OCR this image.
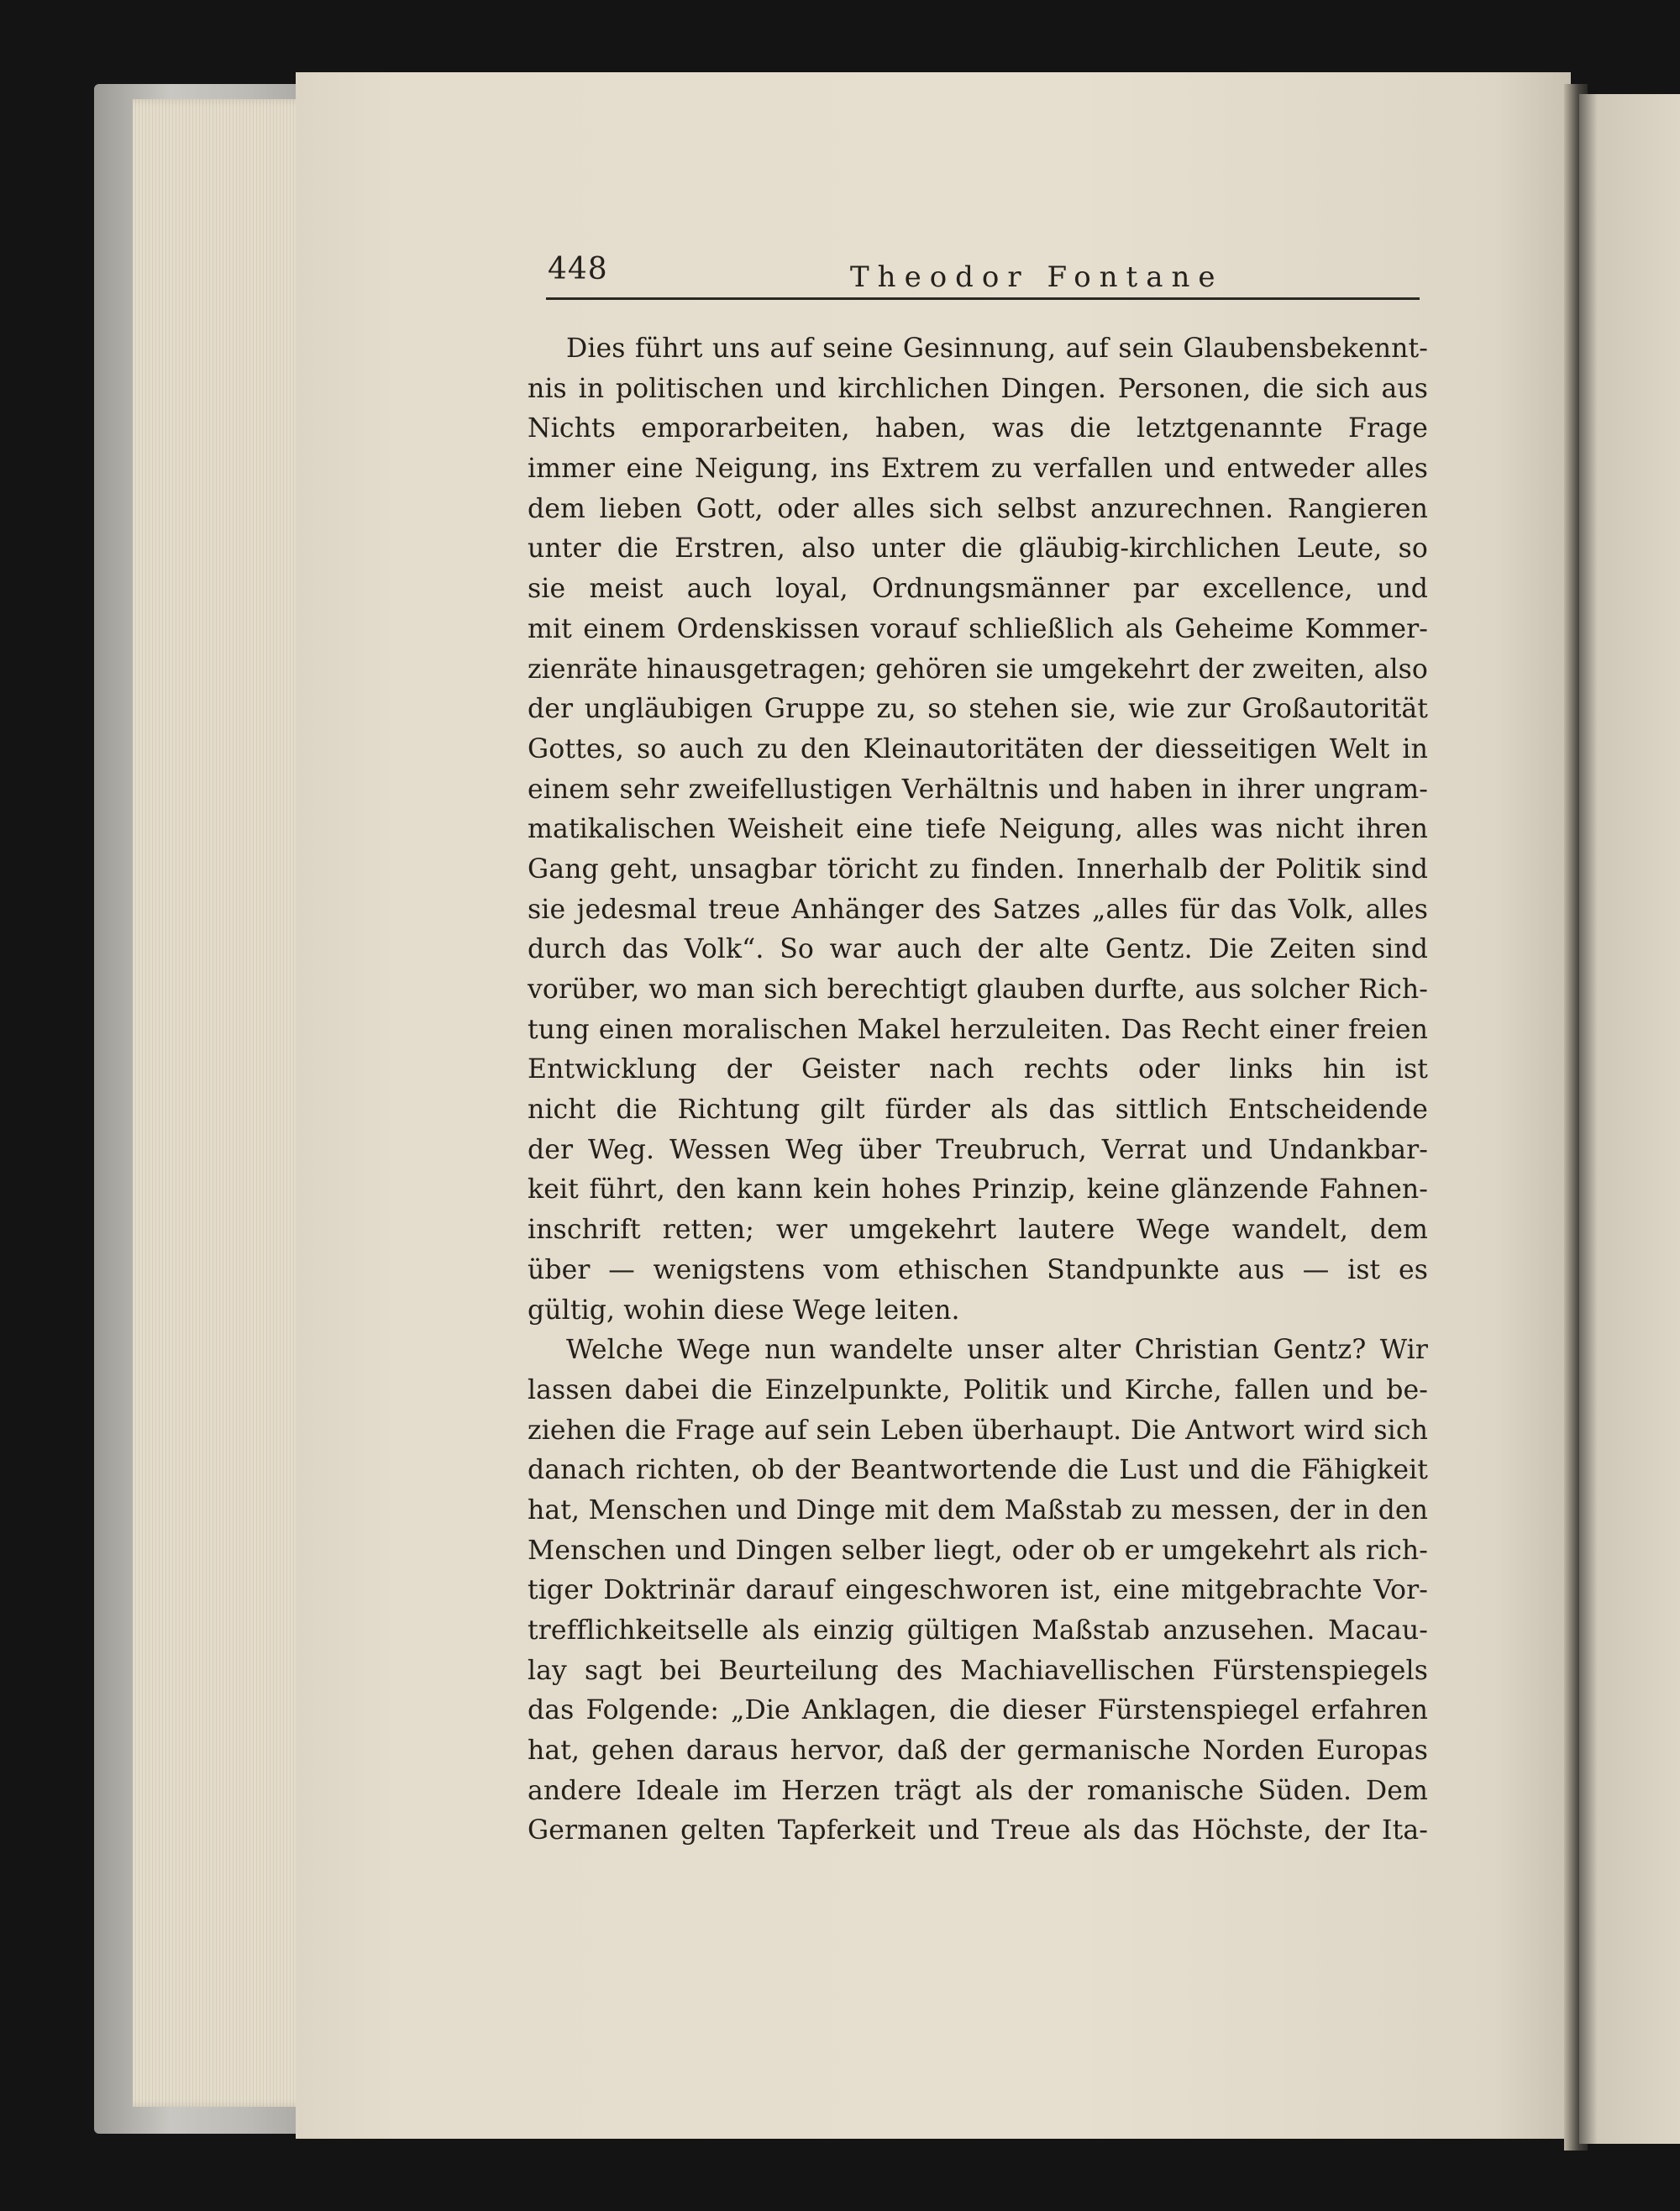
448	Theodor Fontane
Dies führt uns auf seine Gesinnung, auf sein Glaubensbekennt-
nis in politischen und kirchlichen Dingen. Personen, die sich aus
Nichts emporarbeiten, haben, was die letztgenannte Frage
immer eine Neigung, ins Extrem zu verfallen und entweder alles
dem lieben Gott, oder alles sich selbst anzurechnen. Rangieren
unter die Erstren, also unter die gläubig-kirchlichen Leute, so
sie meist auch loyal, Ordnungsmänner par excellence, und
mit einem Ordenskissen vorauf schließlich als Geheime Kommer-
zienräte hinausgetragen; gehören sie umgekehrt der zweiten, also
der ungläubigen Gruppe zu, so stehen sie, wie zur Großautorität
Gottes, so auch zu den Kleinautoritäten der diesseitigen Welt in
einem sehr zweifellustigen Verhältnis und haben in ihrer ungram-
matikalischen Weisheit eine tiefe Neigung, alles was nicht ihren
Gang geht, unsagbar töricht zu finden. Innerhalb der Politik sind
sie jedesmal treue Anhänger des Satzes „alles für das Volk, alles
durch das Volk“. So war auch der alte Gentz. Die Zeiten sind
vorüber, wo man sich berechtigt glauben durfte, aus solcher Rich-
tung einen moralischen Makel herzuleiten. Das Recht einer freien
Entwicklung der Geister nach rechts oder links hin ist
nicht die Richtung gilt fürder als das sittlich Entscheidende
der Weg. Wessen Weg über Treubruch, Verrat und Undankbar-
keit führt, den kann kein hohes Prinzip, keine glänzende Fahnen-
inschrift retten; wer umgekehrt lautere Wege wandelt, dem
über — wenigstens vom ethischen Standpunkte aus — ist es
gültig, wohin diese Wege leiten.
Welche Wege nun wandelte unser alter Christian Gentz? Wir
lassen dabei die Einzelpunkte, Politik und Kirche, fallen und be-
ziehen die Frage auf sein Leben überhaupt. Die Antwort wird sich
danach richten, ob der Beantwortende die Lust und die Fähigkeit
hat, Menschen und Dinge mit dem Maßstab zu messen, der in den
Menschen und Dingen selber liegt, oder ob er umgekehrt als rich-
tiger Doktrinär darauf eingeschworen ist, eine mitgebrachte Vor-
trefflichkeitselle als einzig gültigen Maßstab anzusehen. Macau-
lay sagt bei Beurteilung des Machiavellischen Fürstenspiegels
das Folgende: „Die Anklagen, die dieser Fürstenspiegel erfahren
hat, gehen daraus hervor, daß der germanische Norden Europas
andere Ideale im Herzen trägt als der romanische Süden. Dem
Germanen gelten Tapferkeit und Treue als das Höchste, der Ita-
